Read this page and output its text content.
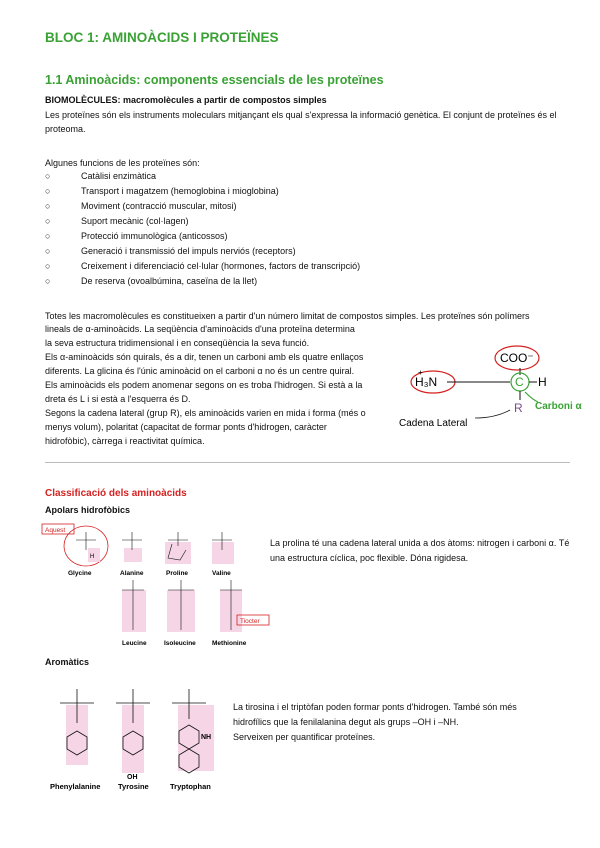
BLOC 1: AMINOÀCIDS I PROTEÏNES
1.1 Aminoàcids: components essencials de les proteïnes
BIOMOLÈCULES: macromolècules a partir de compostos simples
Les proteïnes són els instruments moleculars mitjançant els qual s'expressa la informació genètica. El conjunt de proteïnes és el proteoma.
Algunes funcions de les proteïnes són:
○	Catàlisi enzimàtica
○	Transport i magatzem (hemoglobina i mioglobina)
○	Moviment (contracció muscular, mitosi)
○	Suport mecànic (col·lagen)
○	Protecció immunològica (anticossos)
○	Generació i transmissió del impuls nerviós (receptors)
○	Creixement i diferenciació cel·lular (hormones, factors de transcripció)
○	De reserva (ovoalbúmina, caseïna de la llet)
Totes les macromolècules es constitueixen a partir d'un número limitat de compostos simples. Les proteïnes són polímers
lineals de α-aminoàcids. La seqüència d'aminoàcids d'una proteïna determina
la seva estructura tridimensional i en conseqüència la seva funció.
Els α-aminoàcids són quirals, és a dir, tenen un carboni amb els quatre enllaços
diferents. La glicina és l'únic aminoàcid on el carboni α no és un centre quiral.
Els aminoàcids els podem anomenar segons on es troba l'hidrogen. Si està a la
dreta és L i si està a l'esquerra és D.
Segons la cadena lateral (grup R), els aminoàcids varien en mida i forma (més o
menys volum), polaritat (capacitat de formar ponts d'hidrogen, caràcter
hidrofòbic), càrrega i reactivitat química.
COO⁻
H₃N
+
C H
R Carboni α
Cadena Lateral
Classificació dels aminoàcids
Apolars hidrofòbics
Aquest
H
Glycine	Alanine	Proline	Valine
Tiocter
Leucine	Isoleucine Methionine
La prolina té una cadena lateral unida a dos àtoms: nitrogen i carboni α. Té una estructura cíclica, poc flexible. Dóna rigidesa.
Aromàtics
OH
NH
Phenylalanine Tyrosine	Tryptophan
La tirosina i el triptòfan poden formar ponts d'hidrogen. També són més
hidrofílics que la fenilalanina degut als grups –OH i –NH.
Serveixen per quantificar proteïnes.
